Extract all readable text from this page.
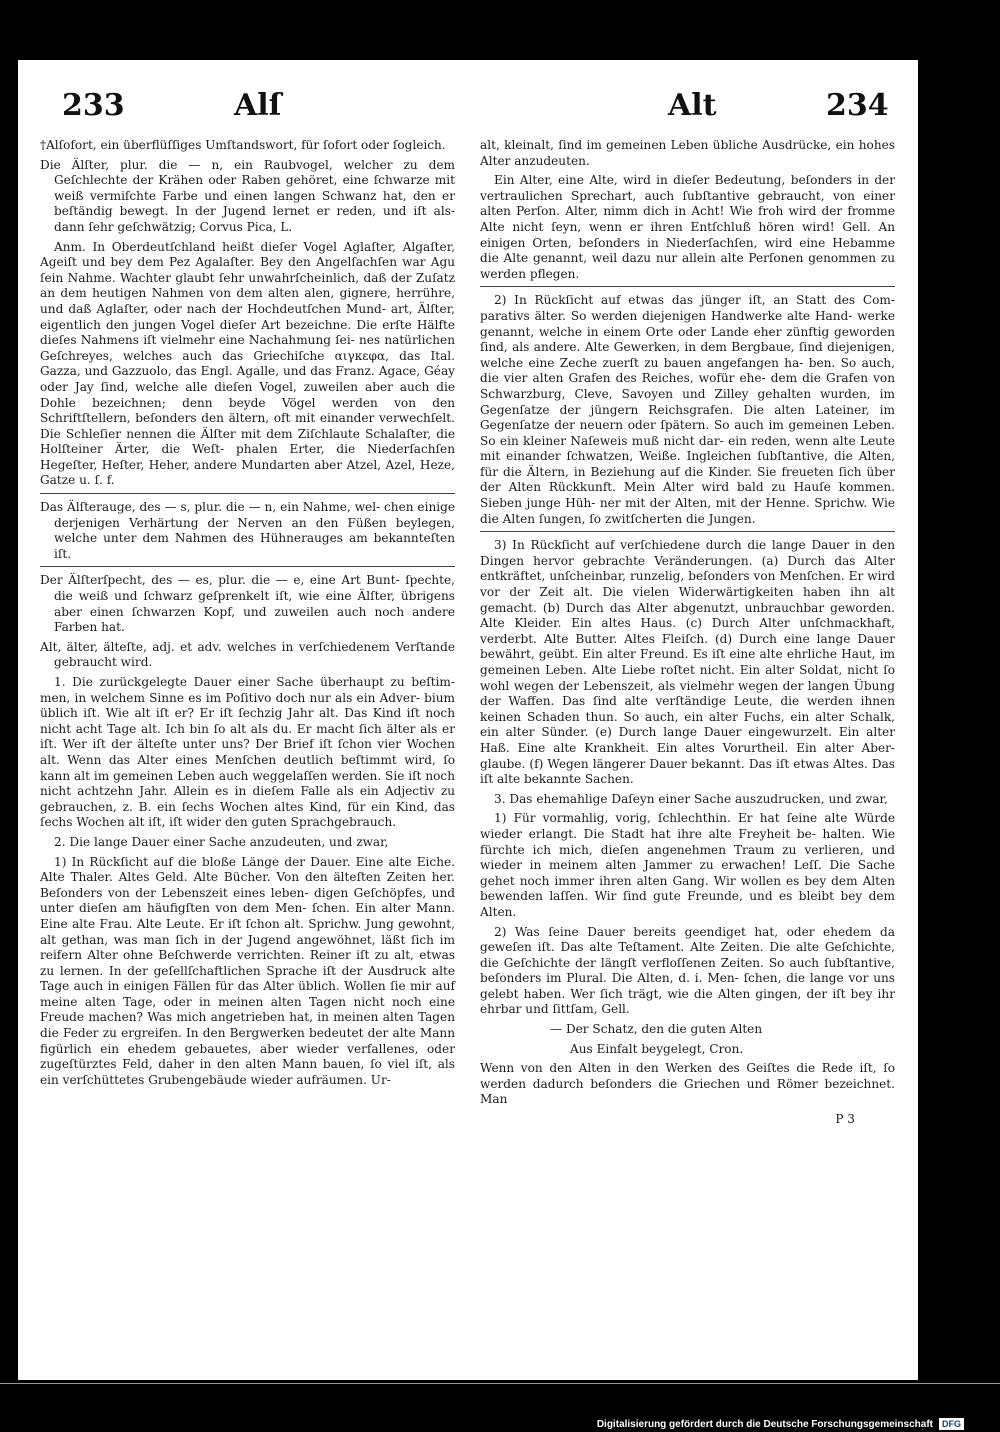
233	Alſ	Alt	234

†Alſofort, ein überflüſſiges Umſtandswort, für ſofort oder ſogleich.

Die Älſter, plur. die — n, ein Raubvogel, welcher zu dem Geſchlechte der Krähen oder Raben gehöret, eine ſchwarze mit weiß vermiſchte Farbe und einen langen Schwanz hat, den er beſtändig bewegt. In der Jugend lernet er reden, und iſt als- dann ſehr geſchwätzig; Corvus Pica, L.

Anm. In Oberdeutſchland heißt dieſer Vogel Aglaſter, Algaſter, Ageiſt und bey dem Pez Agalaſter. Bey den Angelſachſen war Agu ſein Nahme. Wachter glaubt ſehr unwahrſcheinlich, daß der Zuſatz an dem heutigen Nahmen von dem alten alen, gignere, herrühre, und daß Aglaſter, oder nach der Hochdeutſchen Mund- art, Älſter, eigentlich den jungen Vogel dieſer Art bezeichne. Die erſte Hälfte dieſes Nahmens iſt vielmehr eine Nachahmung ſei- nes natürlichen Geſchreyes, welches auch das Griechiſche αιγκεφα, das Ital. Gazza, und Gazzuolo, das Engl. Agalle, und das Franz. Agace, Géay oder Jay ſind, welche alle dieſen Vogel, zuweilen aber auch die Dohle bezeichnen; denn beyde Vögel werden von den Schriftſtellern, beſonders den ältern, oft mit einander verwechſelt. Die Schleſier nennen die Älſter mit dem Ziſchlaute Schalaſter, die Holſteiner Ärter, die Weſt- phalen Erter, die Niederſachſen Hegeſter, Heſter, Heher, andere Mundarten aber Atzel, Azel, Heze, Gatze u. ſ. f.

Das Älſterauge, des — s, plur. die — n, ein Nahme, wel- chen einige derjenigen Verhärtung der Nerven an den Füßen beylegen, welche unter dem Nahmen des Hühnerauges am bekannteſten iſt.

Der Älſterſpecht, des — es, plur. die — e, eine Art Bunt- ſpechte, die weiß und ſchwarz geſprenkelt iſt, wie eine Älſter, übrigens aber einen ſchwarzen Kopf, und zuweilen auch noch andere Farben hat.

Alt, älter, älteſte, adj. et adv. welches in verſchiedenem Verſtande gebraucht wird.

1. Die zurückgelegte Dauer einer Sache überhaupt zu beſtim- men, in welchem Sinne es im Poſitivo doch nur als ein Adver- bium üblich iſt. Wie alt iſt er? Er iſt ſechzig Jahr alt. Das Kind iſt noch nicht acht Tage alt. Ich bin ſo alt als du. Er macht ſich älter als er iſt. Wer iſt der älteſte unter uns? Der Brief iſt ſchon vier Wochen alt. Wenn das Alter eines Menſchen deutlich beſtimmt wird, ſo kann alt im gemeinen Leben auch weggelaſſen werden. Sie iſt noch nicht achtzehn Jahr. Allein es in dieſem Falle als ein Adjectiv zu gebrauchen, z. B. ein ſechs Wochen altes Kind, für ein Kind, das ſechs Wochen alt iſt, iſt wider den guten Sprachgebrauch.

2. Die lange Dauer einer Sache anzudeuten, und zwar,

1) In Rückſicht auf die bloße Länge der Dauer. Eine alte Eiche. Alte Thaler. Altes Geld. Alte Bücher. Von den älteſten Zeiten her. Beſonders von der Lebenszeit eines leben- digen Geſchöpfes, und unter dieſen am häufigſten von dem Men- ſchen. Ein alter Mann. Eine alte Frau. Alte Leute. Er iſt ſchon alt. Sprichw. Jung gewohnt, alt gethan, was man ſich in der Jugend angewöhnet, läßt ſich im reifern Alter ohne Beſchwerde verrichten. Reiner iſt zu alt, etwas zu lernen. In der geſellſchaftlichen Sprache iſt der Ausdruck alte Tage auch in einigen Fällen für das Alter üblich. Wollen ſie mir auf meine alten Tage, oder in meinen alten Tagen nicht noch eine Freude machen? Was mich angetrieben hat, in meinen alten Tagen die Feder zu ergreifen. In den Bergwerken bedeutet der alte Mann figürlich ein ehedem gebauetes, aber wieder verfallenes, oder zugeſtürztes Feld, daher in den alten Mann bauen, ſo viel iſt, als ein verſchüttetes Grubengebäude wieder aufräumen. Ur-

alt, kleinalt, ſind im gemeinen Leben übliche Ausdrücke, ein hohes Alter anzudeuten.

Ein Alter, eine Alte, wird in dieſer Bedeutung, beſonders in der vertraulichen Sprechart, auch ſubſtantive gebraucht, von einer alten Perſon. Alter, nimm dich in Acht! Wie froh wird der fromme Alte nicht ſeyn, wenn er ihren Entſchluß hören wird! Gell. An einigen Orten, beſonders in Niederſachſen, wird eine Hebamme die Alte genannt, weil dazu nur allein alte Perſonen genommen zu werden pflegen.

2) In Rückſicht auf etwas das jünger iſt, an Statt des Com- parativs älter. So werden diejenigen Handwerke alte Hand- werke genannt, welche in einem Orte oder Lande eher zünftig geworden ſind, als andere. Alte Gewerken, in dem Bergbaue, ſind diejenigen, welche eine Zeche zuerſt zu bauen angefangen ha- ben. So auch, die vier alten Grafen des Reiches, wofür ehe- dem die Grafen von Schwarzburg, Cleve, Savoyen und Zilley gehalten wurden, im Gegenſatze der jüngern Reichsgrafen. Die alten Lateiner, im Gegenſatze der neuern oder ſpätern. So auch im gemeinen Leben. So ein kleiner Naſeweis muß nicht dar- ein reden, wenn alte Leute mit einander ſchwatzen, Weiße. Ingleichen ſubſtantive, die Alten, für die Ältern, in Beziehung auf die Kinder. Sie freueten ſich über der Alten Rückkunft. Mein Alter wird bald zu Hauſe kommen. Sieben junge Hüh- ner mit der Alten, mit der Henne. Sprichw. Wie die Alten ſungen, ſo zwitſcherten die Jungen.

3) In Rückſicht auf verſchiedene durch die lange Dauer in den Dingen hervor gebrachte Veränderungen. (a) Durch das Alter entkräftet, unſcheinbar, runzelig, beſonders von Menſchen. Er wird vor der Zeit alt. Die vielen Widerwärtigkeiten haben ihn alt gemacht. (b) Durch das Alter abgenutzt, unbrauchbar geworden. Alte Kleider. Ein altes Haus. (c) Durch Alter unſchmackhaft, verderbt. Alte Butter. Altes Fleiſch. (d) Durch eine lange Dauer bewährt, geübt. Ein alter Freund. Es iſt eine alte ehrliche Haut, im gemeinen Leben. Alte Liebe roſtet nicht. Ein alter Soldat, nicht ſo wohl wegen der Lebenszeit, als vielmehr wegen der langen Übung der Waffen. Das ſind alte verſtändige Leute, die werden ihnen keinen Schaden thun. So auch, ein alter Fuchs, ein alter Schalk, ein alter Sünder. (e) Durch lange Dauer eingewurzelt. Ein alter Haß. Eine alte Krankheit. Ein altes Vorurtheil. Ein alter Aber- glaube. (f) Wegen längerer Dauer bekannt. Das iſt etwas Altes. Das iſt alte bekannte Sachen.

3. Das ehemahlige Daſeyn einer Sache auszudrucken, und zwar,

1) Für vormahlig, vorig, ſchlechthin. Er hat ſeine alte Würde wieder erlangt. Die Stadt hat ihre alte Freyheit be- halten. Wie fürchte ich mich, dieſen angenehmen Traum zu verlieren, und wieder in meinem alten Jammer zu erwachen! Leſſ. Die Sache gehet noch immer ihren alten Gang. Wir wollen es bey dem Alten bewenden laſſen. Wir ſind gute Freunde, und es bleibt bey dem Alten.

2) Was ſeine Dauer bereits geendiget hat, oder ehedem da geweſen iſt. Das alte Teſtament. Alte Zeiten. Die alte Geſchichte, die Geſchichte der längſt verfloſſenen Zeiten. So auch ſubſtantive, beſonders im Plural. Die Alten, d. i. Men- ſchen, die lange vor uns gelebt haben. Wer ſich trägt, wie die Alten gingen, der iſt bey ihr ehrbar und ſittſam, Gell.

— Der Schatz, den die guten Alten

Aus Einfalt beygelegt, Cron.

Wenn von den Alten in den Werken des Geiſtes die Rede iſt, ſo werden dadurch beſonders die Griechen und Römer bezeichnet. Man

P 3

Digitalisierung gefördert durch die Deutsche Forschungsgemeinschaft	DFG
